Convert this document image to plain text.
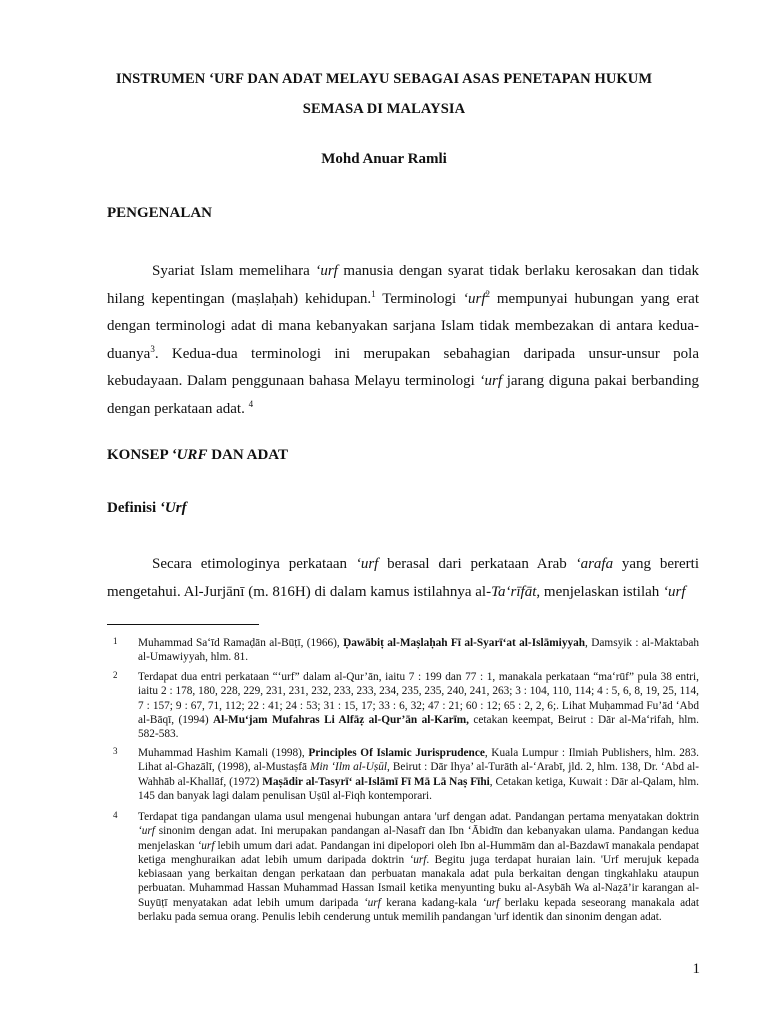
INSTRUMEN ‘URF DAN ADAT MELAYU SEBAGAI ASAS PENETAPAN HUKUM

SEMASA DI MALAYSIA

Mohd Anuar Ramli

PENGENALAN

Syariat Islam memelihara ‘urf manusia dengan syarat tidak berlaku kerosakan dan tidak hilang kepentingan (maṣlaḥah) kehidupan.$^1$ Terminologi ‘urf$^2$ mempunyai hubungan yang erat dengan terminologi adat di mana kebanyakan sarjana Islam tidak membezakan di antara kedua-duanya$^3$. Kedua-dua terminologi ini merupakan sebahagian daripada unsur-unsur pola kebudayaan. Dalam penggunaan bahasa Melayu terminologi ‘urf jarang diguna pakai berbanding dengan perkataan adat. $^4$

KONSEP ‘URF DAN ADAT

Definisi ‘Urf

Secara etimologinya perkataan ‘urf berasal dari perkataan Arab ‘arafa yang bererti mengetahui. Al-Jurjānī (m. 816H) di dalam kamus istilahnya al-Ta‘rīfāt, menjelaskan istilah ‘urf

1 Muhammad Sa‘īd Ramaḍān al-Būṭī, (1966), Ḍawābiṭ al-Maṣlaḥah Fī al-Syarī‘at al-Islāmiyyah, Damsyik : al-Maktabah al-Umawiyyah, hlm. 81.
2 Terdapat dua entri perkataan “‘urf” dalam al-Qur’ān, iaitu 7 : 199 dan 77 : 1, manakala perkataan “ma‘rūf” pula 38 entri, iaitu 2 : 178, 180, 228, 229, 231, 231, 232, 233, 233, 234, 235, 235, 240, 241, 263; 3 : 104, 110, 114; 4 : 5, 6, 8, 19, 25, 114, 7 : 157; 9 : 67, 71, 112; 22 : 41; 24 : 53; 31 : 15, 17; 33 : 6, 32; 47 : 21; 60 : 12; 65 : 2, 2, 6;. Lihat Muḥammad Fu’ād ‘Abd al-Bāqī, (1994) Al-Mu‘jam Mufahras Li Alfāẓ al-Qur’ān al-Karīm, cetakan keempat, Beirut : Dār al-Ma‘rifah, hlm. 582-583.
3 Muhammad Hashim Kamali (1998), Principles Of Islamic Jurisprudence, Kuala Lumpur : Ilmiah Publishers, hlm. 283. Lihat al-Ghazālī, (1998), al-Mustaṣfā Min ‘Ilm al-Uṣūl, Beirut : Dār Ihya’ al-Turāth al-‘Arabī, jld. 2, hlm. 138, Dr. ‘Abd al-Wahhāb al-Khallāf, (1972) Maṣādir al-Tasyrī‘ al-Islāmī Fī Mā Lā Naṣ Fīhi, Cetakan ketiga, Kuwait : Dār al-Qalam, hlm. 145 dan banyak lagi dalam penulisan Uṣūl al-Fiqh kontemporari.
4 Terdapat tiga pandangan ulama usul mengenai hubungan antara 'urf dengan adat. Pandangan pertama menyatakan doktrin ‘urf sinonim dengan adat. Ini merupakan pandangan al-Nasafī dan Ibn ‘Ābidīn dan kebanyakan ulama. Pandangan kedua menjelaskan ‘urf lebih umum dari adat. Pandangan ini dipelopori oleh Ibn al-Hummām dan al-Bazdawī manakala pendapat ketiga menghuraikan adat lebih umum daripada doktrin ‘urf. Begitu juga terdapat huraian lain. 'Urf merujuk kepada kebiasaan yang berkaitan dengan perkataan dan perbuatan manakala adat pula berkaitan dengan tingkahlaku ataupun perbuatan. Muhammad Hassan Muhammad Hassan Ismail ketika menyunting buku al-Asybāh Wa al-Naẓā’ir karangan al-Suyūṭī menyatakan adat lebih umum daripada ‘urf kerana kadang-kala ‘urf berlaku kepada seseorang manakala adat berlaku pada semua orang. Penulis lebih cenderung untuk memilih pandangan 'urf identik dan sinonim dengan adat.

1
